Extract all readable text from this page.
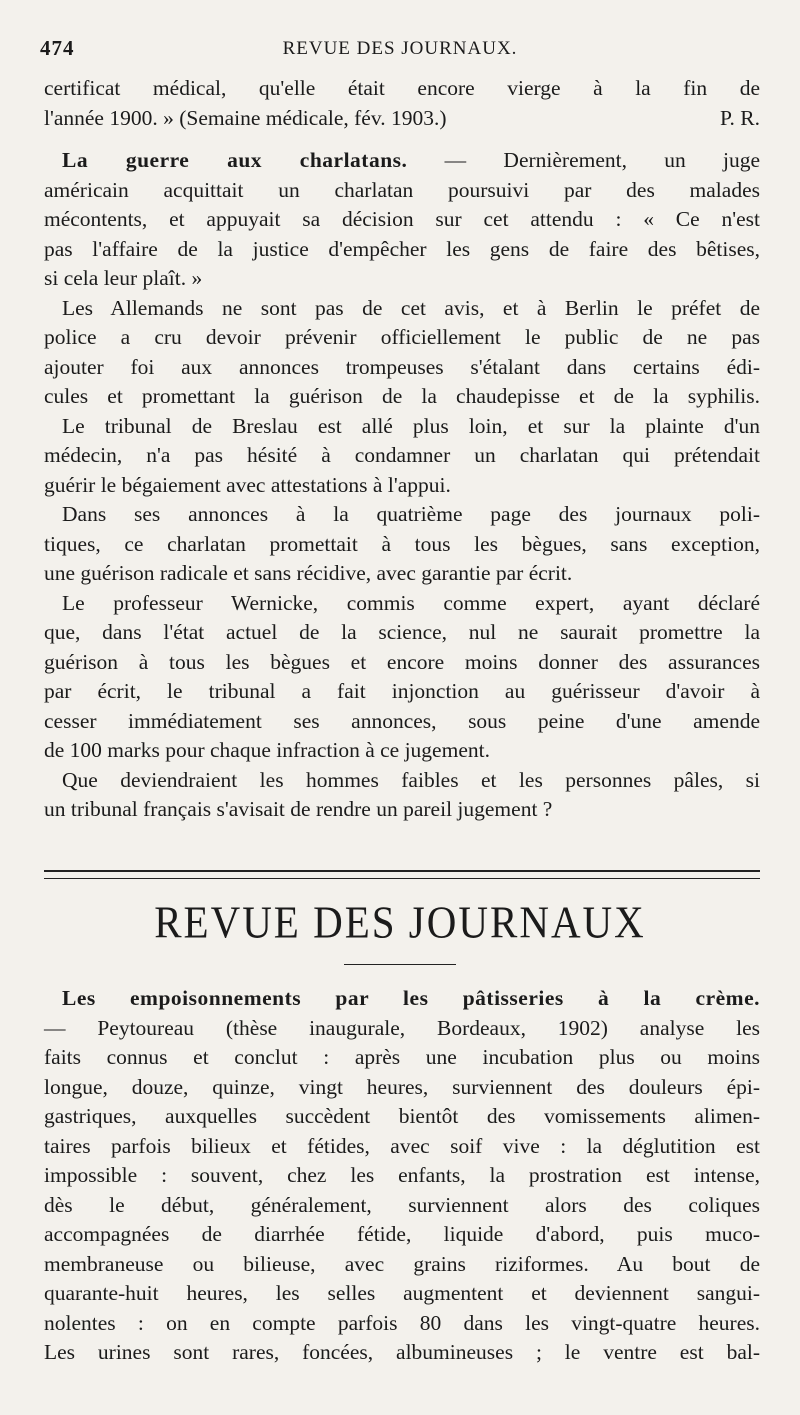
474	REVUE DES JOURNAUX.
certificat médical, qu'elle était encore vierge à la fin de
l'année 1900. » (Semaine médicale, fév. 1903.)	P. R.
La guerre aux charlatans. — Dernièrement, un juge
américain acquittait un charlatan poursuivi par des malades
mécontents, et appuyait sa décision sur cet attendu : « Ce n'est
pas l'affaire de la justice d'empêcher les gens de faire des bêtises,
si cela leur plaît. »
Les Allemands ne sont pas de cet avis, et à Berlin le préfet de
police a cru devoir prévenir officiellement le public de ne pas
ajouter foi aux annonces trompeuses s'étalant dans certains édi-
cules et promettant la guérison de la chaudepisse et de la syphilis.
Le tribunal de Breslau est allé plus loin, et sur la plainte d'un
médecin, n'a pas hésité à condamner un charlatan qui prétendait
guérir le bégaiement avec attestations à l'appui.
Dans ses annonces à la quatrième page des journaux poli-
tiques, ce charlatan promettait à tous les bègues, sans exception,
une guérison radicale et sans récidive, avec garantie par écrit.
Le professeur Wernicke, commis comme expert, ayant déclaré
que, dans l'état actuel de la science, nul ne saurait promettre la
guérison à tous les bègues et encore moins donner des assurances
par écrit, le tribunal a fait injonction au guérisseur d'avoir à
cesser immédiatement ses annonces, sous peine d'une amende
de 100 marks pour chaque infraction à ce jugement.
Que deviendraient les hommes faibles et les personnes pâles, si
un tribunal français s'avisait de rendre un pareil jugement ?
REVUE DES JOURNAUX
Les empoisonnements par les pâtisseries à la crème.
— Peytoureau (thèse inaugurale, Bordeaux, 1902) analyse les
faits connus et conclut : après une incubation plus ou moins
longue, douze, quinze, vingt heures, surviennent des douleurs épi-
gastriques, auxquelles succèdent bientôt des vomissements alimen-
taires parfois bilieux et fétides, avec soif vive : la déglutition est
impossible : souvent, chez les enfants, la prostration est intense,
dès le début, généralement, surviennent alors des coliques
accompagnées de diarrhée fétide, liquide d'abord, puis muco-
membraneuse ou bilieuse, avec grains riziformes. Au bout de
quarante-huit heures, les selles augmentent et deviennent sangui-
nolentes : on en compte parfois 80 dans les vingt-quatre heures.
Les urines sont rares, foncées, albumineuses ; le ventre est bal-
